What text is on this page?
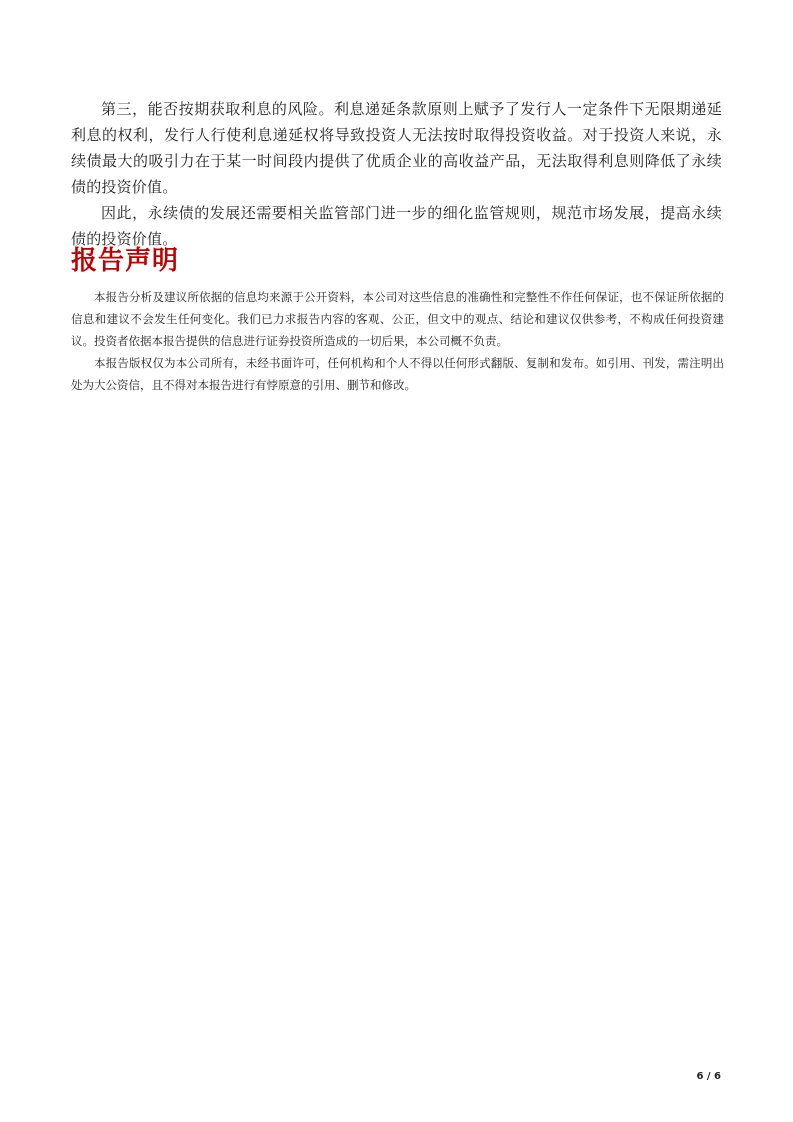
第三，能否按期获取利息的风险。利息递延条款原则上赋予了发行人一定条件下无限期递延利息的权利，发行人行使利息递延权将导致投资人无法按时取得投资收益。对于投资人来说，永续债最大的吸引力在于某一时间段内提供了优质企业的高收益产品，无法取得利息则降低了永续债的投资价值。

因此，永续债的发展还需要相关监管部门进一步的细化监管规则，规范市场发展，提高永续债的投资价值。

报告声明

本报告分析及建议所依据的信息均来源于公开资料，本公司对这些信息的准确性和完整性不作任何保证，也不保证所依据的信息和建议不会发生任何变化。我们已力求报告内容的客观、公正，但文中的观点、结论和建议仅供参考，不构成任何投资建议。投资者依据本报告提供的信息进行证券投资所造成的一切后果，本公司概不负责。

本报告版权仅为本公司所有，未经书面许可，任何机构和个人不得以任何形式翻版、复制和发布。如引用、刊发，需注明出处为大公资信，且不得对本报告进行有悖原意的引用、删节和修改。

6 / 6
